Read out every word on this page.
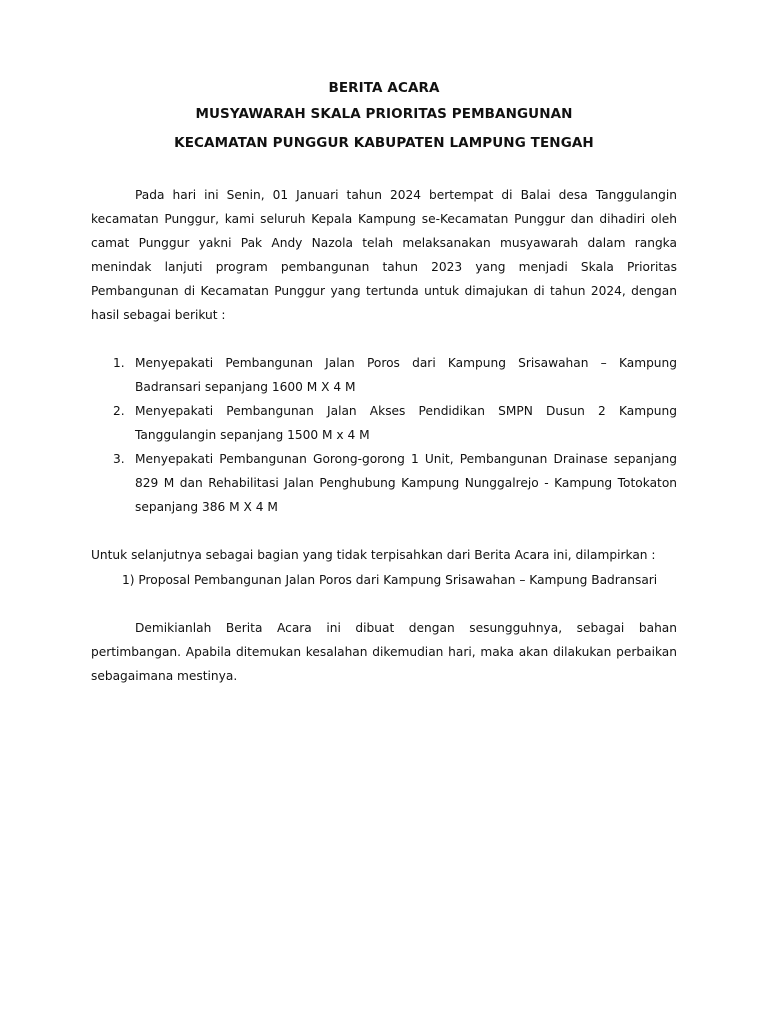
BERITA ACARA
MUSYAWARAH SKALA PRIORITAS PEMBANGUNAN
KECAMATAN PUNGGUR KABUPATEN LAMPUNG TENGAH
Pada hari ini Senin, 01 Januari tahun 2024 bertempat di Balai desa Tanggulangin
kecamatan Punggur, kami seluruh Kepala Kampung se-Kecamatan Punggur dan dihadiri oleh
camat Punggur yakni Pak Andy Nazola telah melaksanakan musyawarah dalam rangka
menindak lanjuti program pembangunan tahun 2023 yang menjadi Skala Prioritas
Pembangunan di Kecamatan Punggur yang tertunda untuk dimajukan di tahun 2024, dengan
hasil sebagai berikut :
1. Menyepakati Pembangunan Jalan Poros dari Kampung Srisawahan – Kampung
Badransari sepanjang 1600 M X 4 M
2. Menyepakati Pembangunan Jalan Akses Pendidikan SMPN Dusun 2 Kampung
Tanggulangin sepanjang 1500 M x 4 M
3. Menyepakati Pembangunan Gorong-gorong 1 Unit, Pembangunan Drainase sepanjang
829 M dan Rehabilitasi Jalan Penghubung Kampung Nunggalrejo - Kampung Totokaton
sepanjang 386 M X 4 M
Untuk selanjutnya sebagai bagian yang tidak terpisahkan dari Berita Acara ini, dilampirkan :
1) Proposal Pembangunan Jalan Poros dari Kampung Srisawahan – Kampung Badransari
Demikianlah Berita Acara ini dibuat dengan sesungguhnya, sebagai bahan
pertimbangan. Apabila ditemukan kesalahan dikemudian hari, maka akan dilakukan perbaikan
sebagaimana mestinya.
